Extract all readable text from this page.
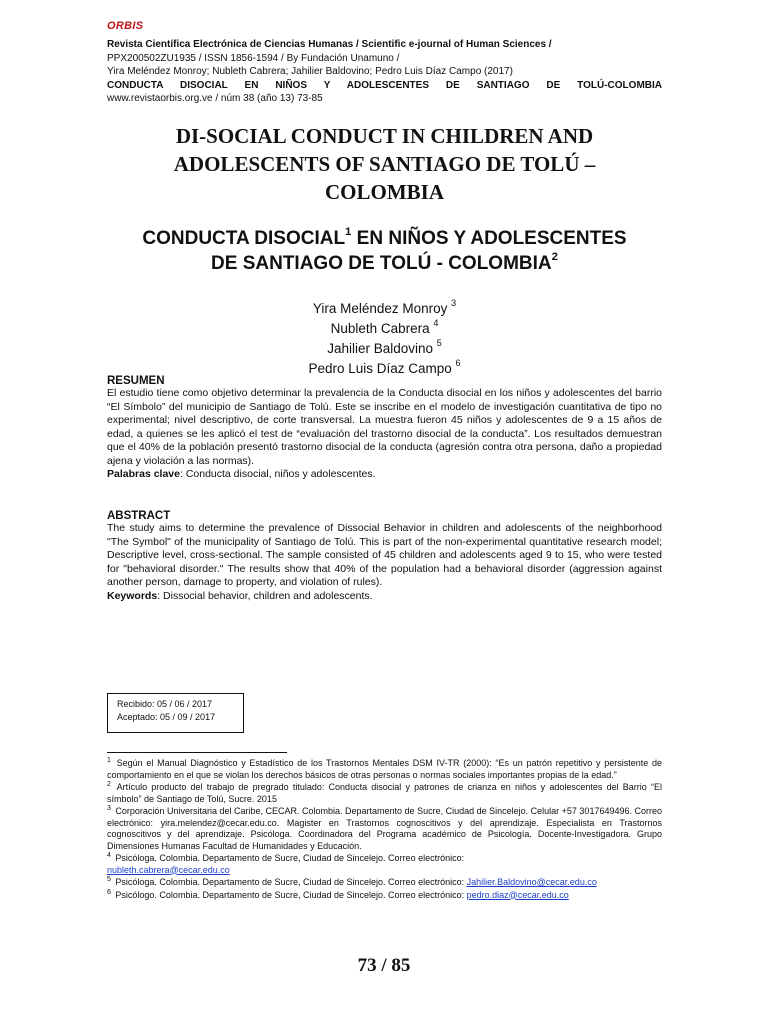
ORBIS
Revista Científica Electrónica de Ciencias Humanas / Scientific e-journal of Human Sciences /
PPX200502ZU1935 / ISSN 1856-1594 / By Fundación Unamuno /
Yira Meléndez Monroy; Nubleth Cabrera; Jahilier Baldovino; Pedro Luis Díaz Campo (2017)
CONDUCTA DISOCIAL EN NIÑOS Y ADOLESCENTES DE SANTIAGO DE TOLÚ-COLOMBIA
www.revistaorbis.org.ve / núm 38 (año 13) 73-85
DI-SOCIAL CONDUCT IN CHILDREN AND
ADOLESCENTS OF SANTIAGO DE TOLÚ –
COLOMBIA
CONDUCTA DISOCIAL$^1$ EN NIÑOS Y ADOLESCENTES
DE SANTIAGO DE TOLÚ - COLOMBIA$^2$
Yira Meléndez Monroy $^3$
Nubleth Cabrera $^4$
Jahilier Baldovino $^5$
Pedro Luis Díaz Campo $^6$

RESUMEN

El estudio tiene como objetivo determinar la prevalencia de la Conducta disocial en los niños y adolescentes del barrio “El Símbolo” del municipio de Santiago de Tolú. Este se inscribe en el modelo de investigación cuantitativa de tipo no experimental; nivel descriptivo, de corte transversal. La muestra fueron 45 niños y adolescentes de 9 a 15 años de edad, a quienes se les aplicó el test de “evaluación del trastorno disocial de la conducta”. Los resultados demuestran que el 40% de la población presentó trastorno disocial de la conducta (agresión contra otra persona, daño a propiedad ajena y violación a las normas).

Palabras clave: Conducta disocial, niños y adolescentes.

ABSTRACT

The study aims to determine the prevalence of Dissocial Behavior in children and adolescents of the neighborhood "The Symbol" of the municipality of Santiago de Tolú. This is part of the non-experimental quantitative research model; Descriptive level, cross-sectional. The sample consisted of 45 children and adolescents aged 9 to 15, who were tested for "behavioral disorder." The results show that 40% of the population had a behavioral disorder (aggression against another person, damage to property, and violation of rules).

Keywords: Dissocial behavior, children and adolescents.

Recibido: 05 / 06 / 2017
Aceptado: 05 / 09 / 2017

$^1$ Según el Manual Diagnóstico y Estadístico de los Trastornos Mentales DSM IV-TR (2000): “Es un patrón repetitivo y persistente de comportamiento en el que se violan los derechos básicos de otras personas o normas sociales importantes propias de la edad.”

$^2$ Artículo producto del trabajo de pregrado titulado: Conducta disocial y patrones de crianza en niños y adolescentes del Barrio “El símbolo” de Santiago de Tolú, Sucre. 2015

$^3$ Corporación Universitaria del Caribe, CECAR. Colombia. Departamento de Sucre, Ciudad de Sincelejo. Celular +57 3017649496. Correo electrónico: yira.melendez@cecar.edu.co. Magister en Trastornos cognoscitivos y del aprendizaje. Especialista en Trastornos cognoscitivos y del aprendizaje. Psicóloga. Coordinadora del Programa académico de Psicología. Docente-Investigadora. Grupo Dimensiones Humanas Facultad de Humanidades y Educación.

$^4$ Psicóloga. Colombia. Departamento de Sucre, Ciudad de Sincelejo. Correo electrónico:
nubleth.cabrera@cecar.edu.co

$^5$ Psicóloga. Colombia. Departamento de Sucre, Ciudad de Sincelejo. Correo electrónico: Jahilier.Baldovino@cecar.edu.co

$^6$ Psicólogo. Colombia. Departamento de Sucre, Ciudad de Sincelejo. Correo electrónico: pedro.diaz@cecar.edu.co

73 / 85
